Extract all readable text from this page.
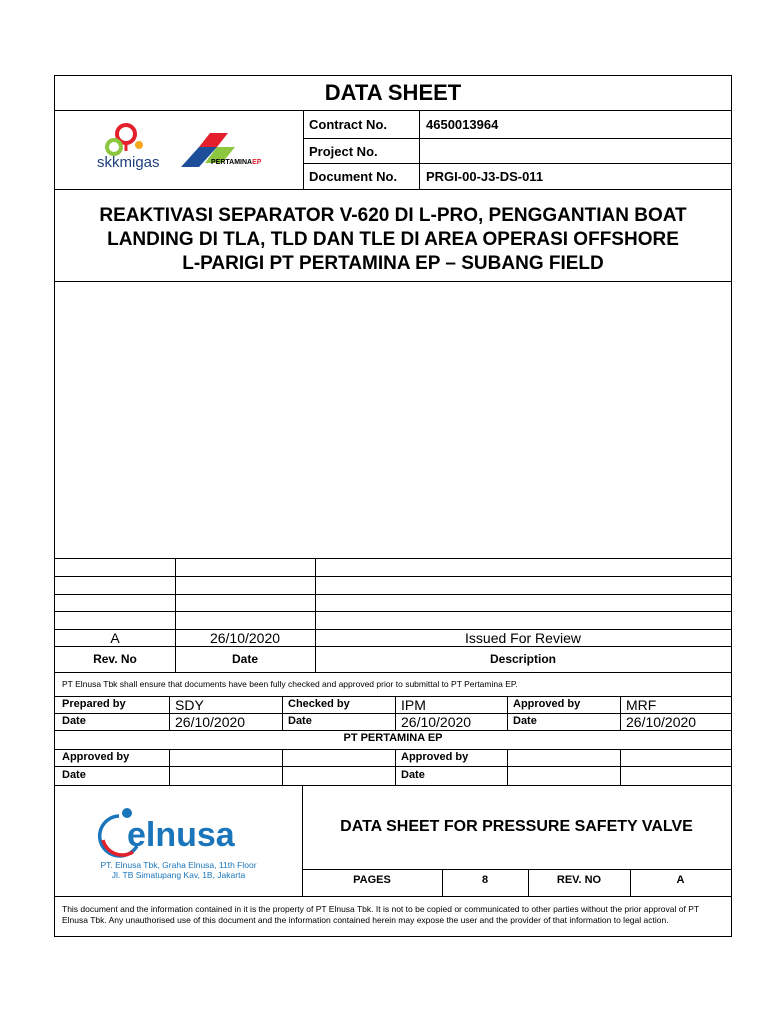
DATA SHEET
skkmigas	PERTAMINAEP
Contract No.	4650013964
Project No.
Document No. PRGI-00-J3-DS-011
REAKTIVASI SEPARATOR V-620 DI L-PRO, PENGGANTIAN BOAT
LANDING DI TLA, TLD DAN TLE DI AREA OPERASI OFFSHORE
L-PARIGI PT PERTAMINA EP – SUBANG FIELD
A	26/10/2020	Issued For Review
Rev. No	Date	Description
PT Elnusa Tbk shall ensure that documents have been fully checked and approved prior to submittal to PT Pertamina EP.
Prepared by	SDY	Checked by	IPM	Approved by	MRF
Date	26/10/2020	Date	26/10/2020	Date	26/10/2020
PT PERTAMINA EP
Approved by	Approved by
Date	Date
elnusa
PT. Elnusa Tbk, Graha Elnusa, 11th Floor
Jl. TB Simatupang Kav, 1B, Jakarta
DATA SHEET FOR PRESSURE SAFETY VALVE
PAGES	8	REV. NO	A
This document and the information contained in it is the property of PT Elnusa Tbk. It is not to be copied or communicated to other parties without the prior approval of PT Elnusa Tbk. Any unauthorised use of this document and the information contained herein may expose the user and the provider of that information to legal action.
